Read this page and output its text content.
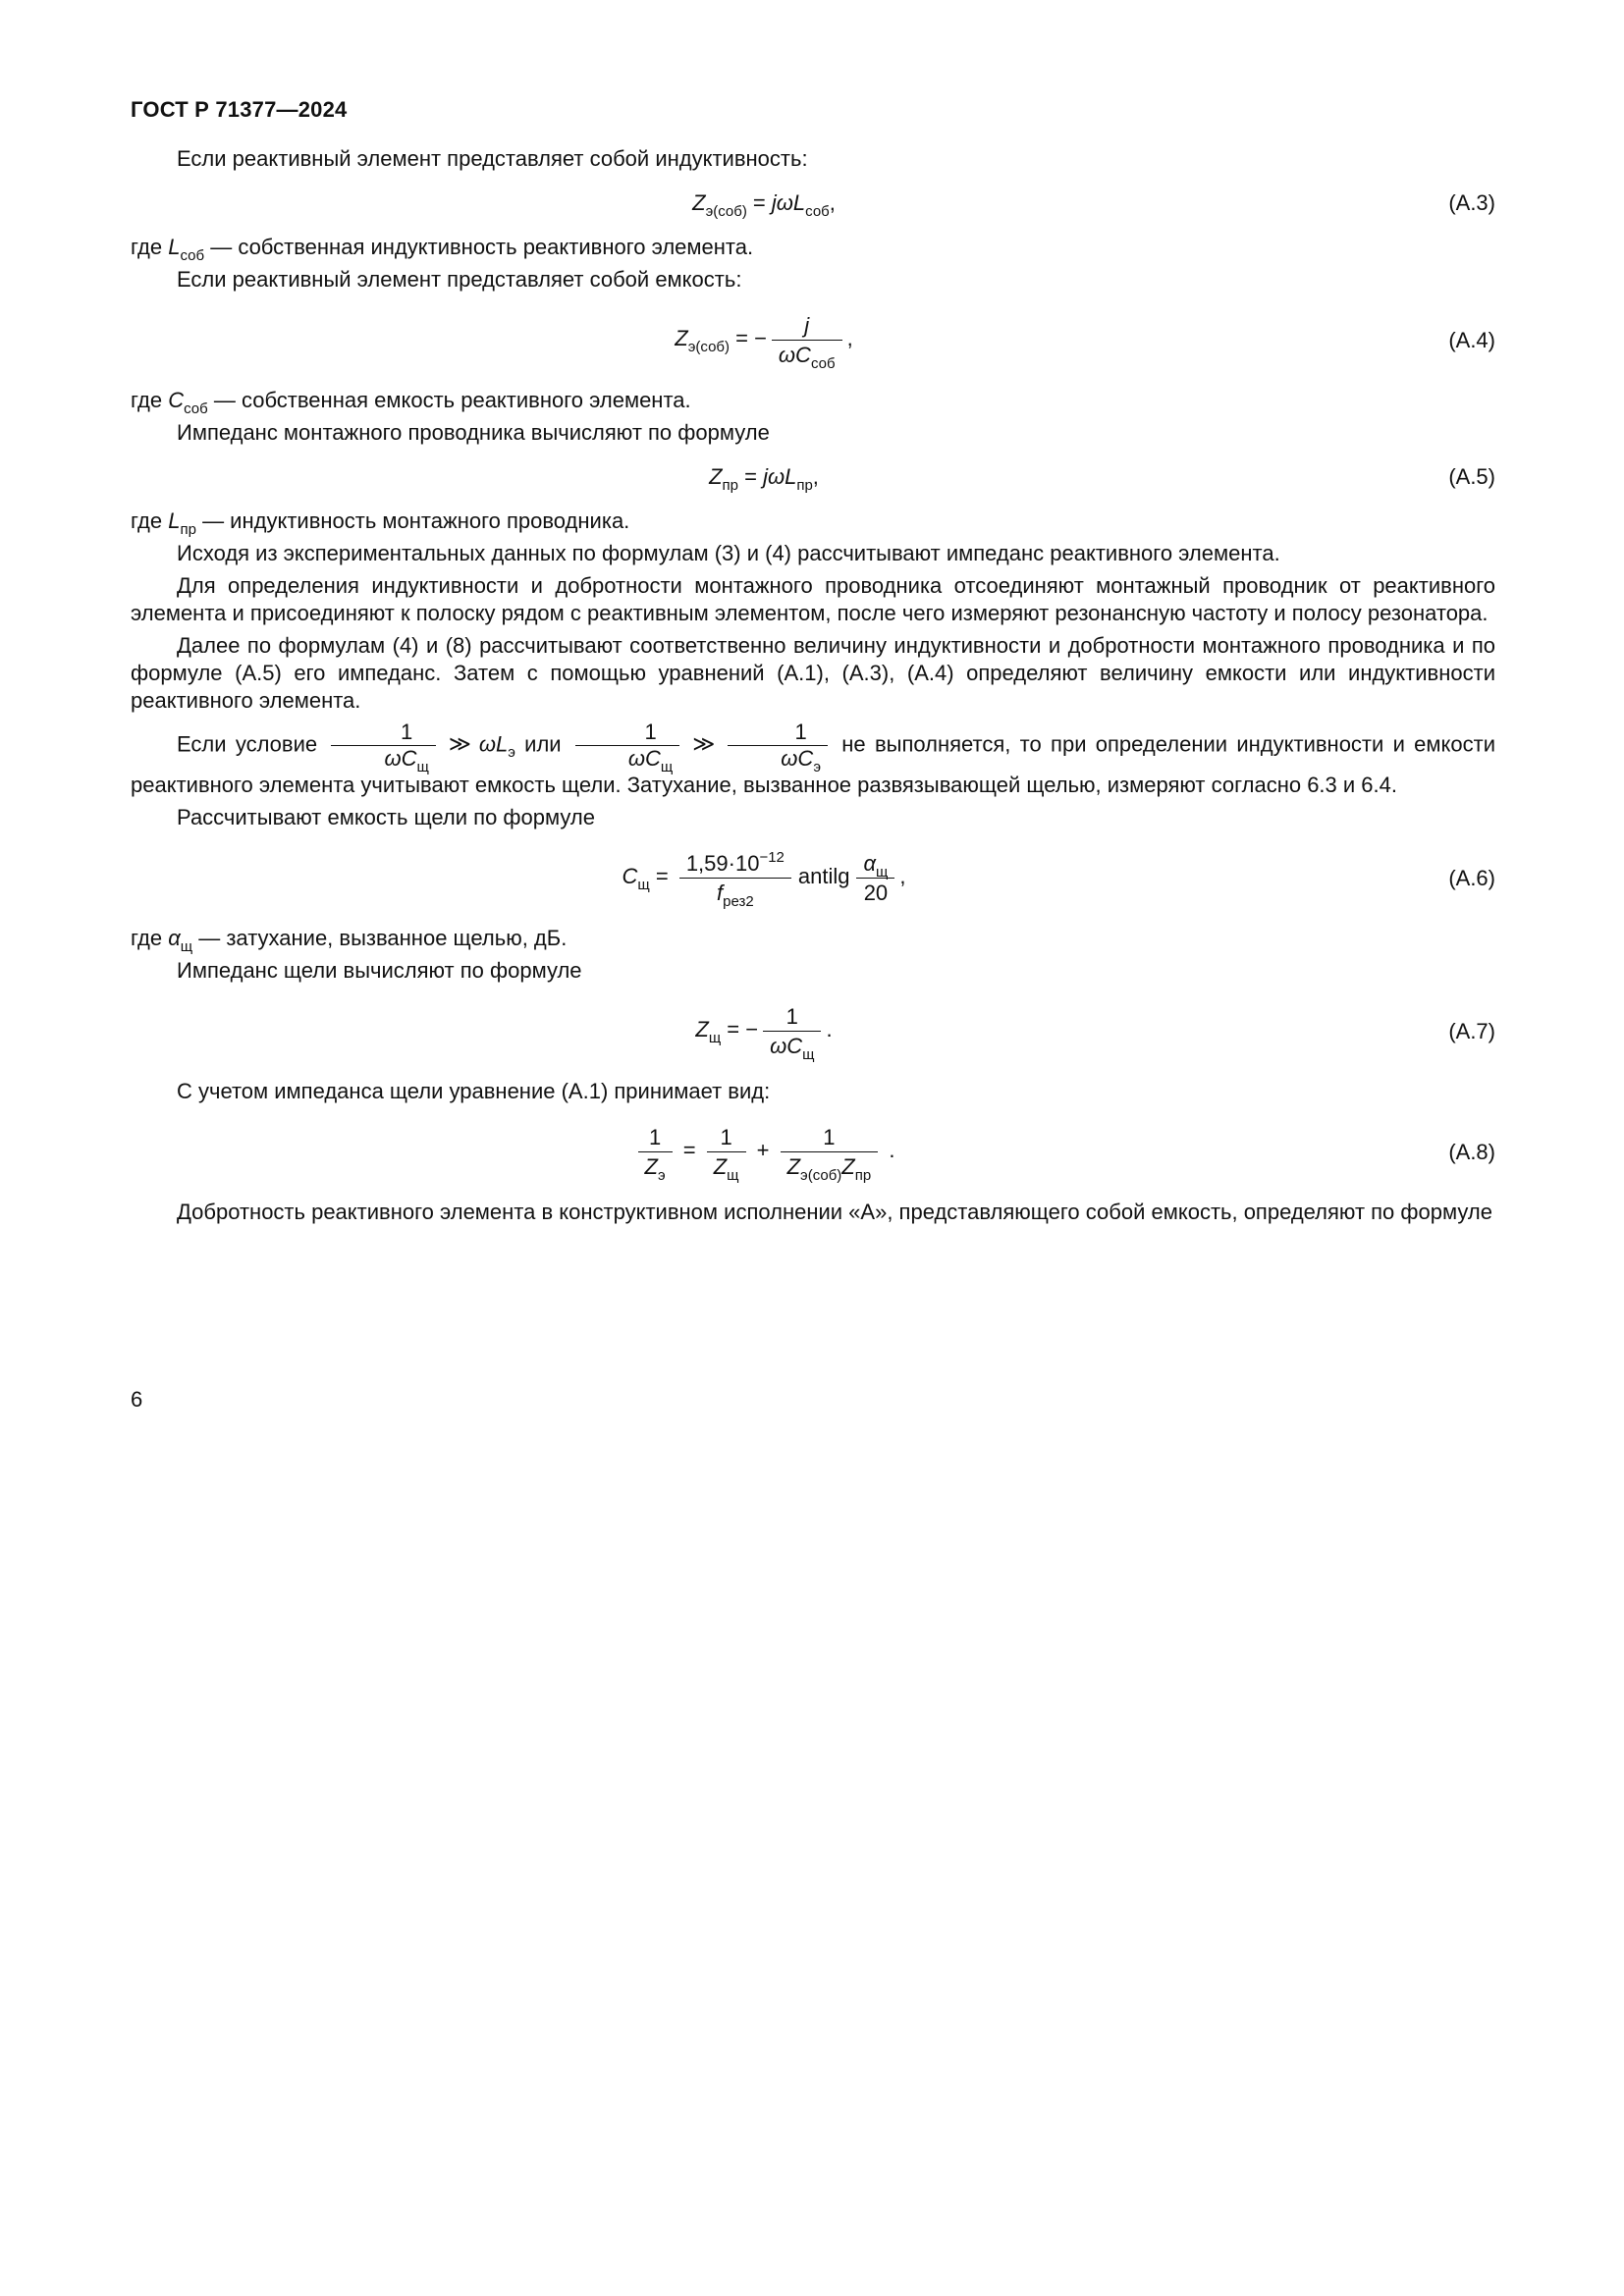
ГОСТ Р 71377—2024

Если реактивный элемент представляет собой индуктивность:

$Z_{э(соб)} = j\omega L_{соб}$,	(А.3)

где $L_{соб}$ — собственная индуктивность реактивного элемента.

Если реактивный элемент представляет собой емкость:

$Z_{э(соб)}$ = − $\frac{j}{\omega C_{соб}}$ ,	(А.4)

где $C_{соб}$ — собственная емкость реактивного элемента.

Импеданс монтажного проводника вычисляют по формуле

$Z_{пр} = j\omega L_{пр}$,	(А.5)

где $L_{пр}$ — индуктивность монтажного проводника.

Исходя из экспериментальных данных по формулам (3) и (4) рассчитывают импеданс реактивного элемента.

Для определения индуктивности и добротности монтажного проводника отсоединяют монтажный проводник от реактивного элемента и присоединяют к полоску рядом с реактивным элементом, после чего измеряют резонансную частоту и полосу резонатора.

Далее по формулам (4) и (8) рассчитывают соответственно величину индуктивности и добротности монтажного проводника и по формуле (А.5) его импеданс. Затем с помощью уравнений (А.1), (А.3), (А.4) определяют величину емкости или индуктивности реактивного элемента.

Если условие $\frac{1}{\omega C_щ}$ ≫ $\omega L_э$ или $\frac{1}{\omega C_щ}$ ≫ $\frac{1}{\omega C_э}$ не выполняется, то при определении индуктивности и емкости реактивного элемента учитывают емкость щели. Затухание, вызванное развязывающей щелью, измеряют согласно 6.3 и 6.4.

Рассчитывают емкость щели по формуле

$C_щ = \frac{1,59\cdot 10^{-12}}{f_{рез2}}$ antilg $\frac{\alpha_щ}{20}$ ,	(А.6)

где $\alpha_щ$ — затухание, вызванное щелью, дБ.

Импеданс щели вычисляют по формуле

$Z_щ$ = − $\frac{1}{\omega C_щ}$ .	(А.7)

С учетом импеданса щели уравнение (А.1) принимает вид:

$\frac{1}{Z_э} = \frac{1}{Z_щ} + \frac{1}{Z_{э(соб)}Z_{пр}}$ .	(А.8)

Добротность реактивного элемента в конструктивном исполнении «А», представляющего собой емкость, определяют по формуле

6
